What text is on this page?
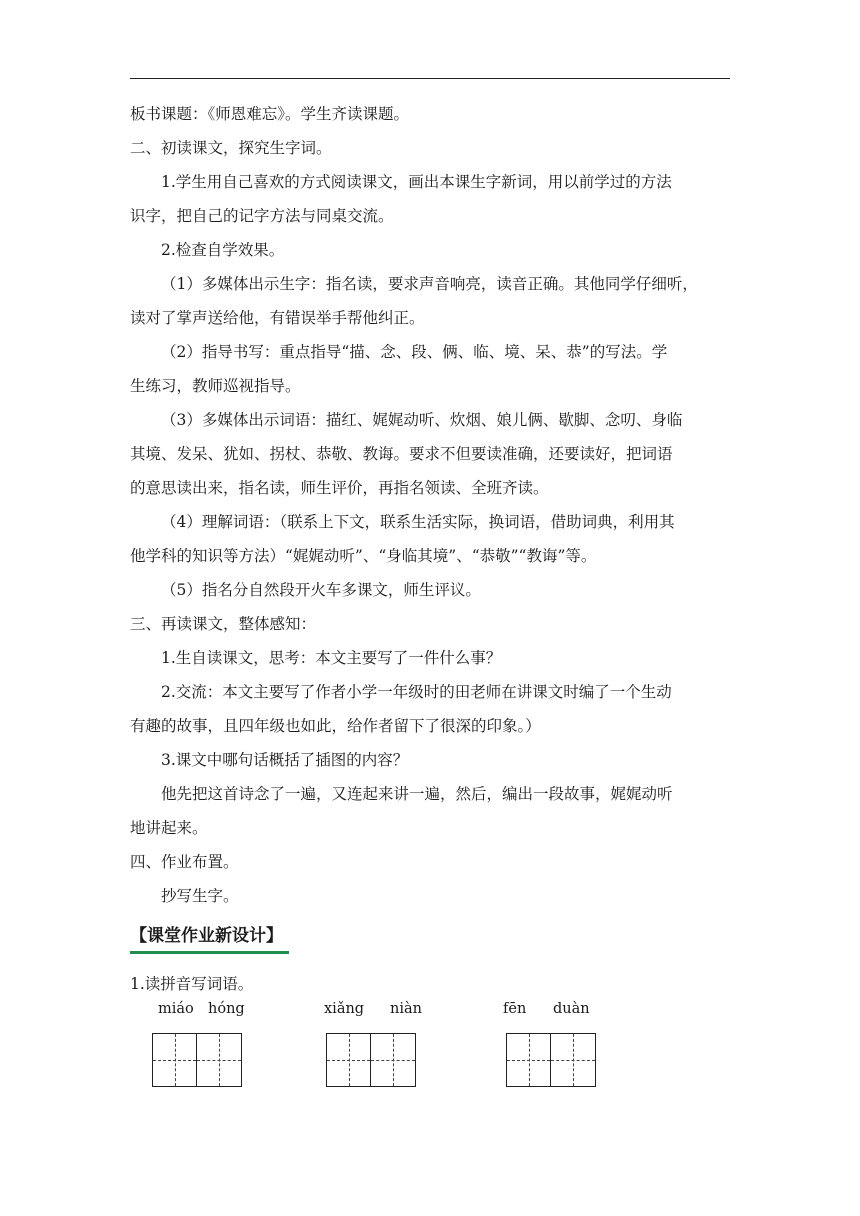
板书课题：《师恩难忘》。学生齐读课题。

二、初读课文，探究生字词。

1.学生用自己喜欢的方式阅读课文，画出本课生字新词，用以前学过的方法

识字，把自己的记字方法与同桌交流。

2.检查自学效果。

（1）多媒体出示生字：指名读，要求声音响亮，读音正确。其他同学仔细听，

读对了掌声送给他，有错误举手帮他纠正。

（2）指导书写：重点指导“描、念、段、俩、临、境、呆、恭”的写法。学

生练习，教师巡视指导。

（3）多媒体出示词语：描红、娓娓动听、炊烟、娘儿俩、歇脚、念叨、身临

其境、发呆、犹如、拐杖、恭敬、教诲。要求不但要读准确，还要读好，把词语

的意思读出来，指名读，师生评价，再指名领读、全班齐读。

（4）理解词语：（联系上下文，联系生活实际，换词语，借助词典，利用其

他学科的知识等方法）“娓娓动听”、“身临其境”、“恭敬”“教诲”等。

（5）指名分自然段开火车多课文，师生评议。

三、再读课文，整体感知：

1.生自读课文，思考：本文主要写了一件什么事？

2.交流：本文主要写了作者小学一年级时的田老师在讲课文时编了一个生动

有趣的故事，且四年级也如此，给作者留下了很深的印象。）

3.课文中哪句话概括了插图的内容？

他先把这首诗念了一遍，又连起来讲一遍，然后，编出一段故事，娓娓动听

地讲起来。

四、作业布置。

抄写生字。

【课堂作业新设计】

1.读拼音写词语。

miáo hóng	xiǎng niàn	fēn duàn
